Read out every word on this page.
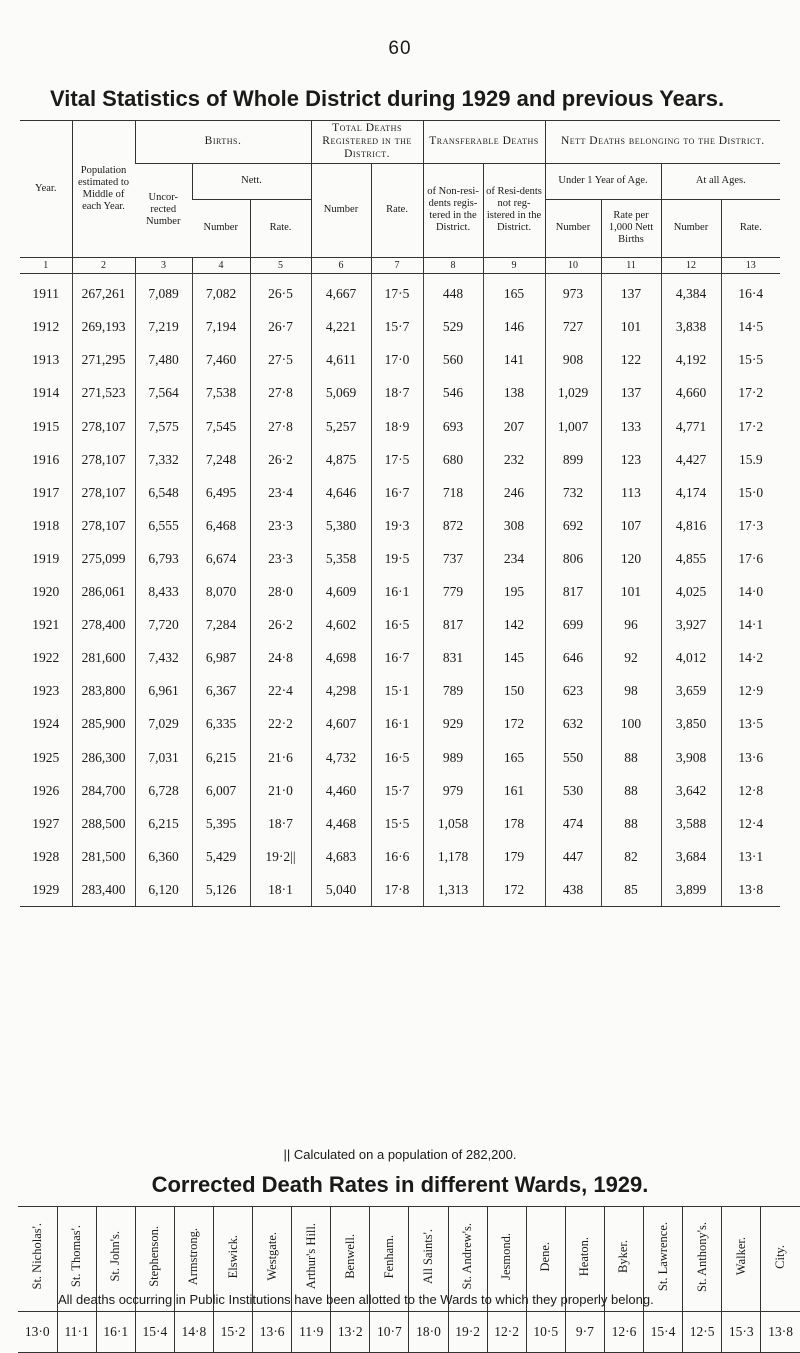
60
Vital Statistics of Whole District during 1929 and previous Years.
Year.	Population estimated to Middle of each Year.	Births.			Total Deaths Registered in the District.		Transferable Deaths		Nett Deaths belonging to the District.			
		Uncor-rected Number	Nett.		Number	Rate.	of Non-resi-dents regis-tered in the District.	of Resi-dents not reg-istered in the District.	Under 1 Year of Age.		At all Ages.	
			Number	Rate.					Number	Rate per 1,000 Nett Births	Number	Rate.
1	2	3	4	5	6	7	8	9	10	11	12	13
1911	267,261	7,089	7,082	26·5	4,667	17·5	448	165	973	137	4,384	16·4
1912	269,193	7,219	7,194	26·7	4,221	15·7	529	146	727	101	3,838	14·5
1913	271,295	7,480	7,460	27·5	4,611	17·0	560	141	908	122	4,192	15·5
1914	271,523	7,564	7,538	27·8	5,069	18·7	546	138	1,029	137	4,660	17·2
1915	278,107	7,575	7,545	27·8	5,257	18·9	693	207	1,007	133	4,771	17·2
1916	278,107	7,332	7,248	26·2	4,875	17·5	680	232	899	123	4,427	15.9
1917	278,107	6,548	6,495	23·4	4,646	16·7	718	246	732	113	4,174	15·0
1918	278,107	6,555	6,468	23·3	5,380	19·3	872	308	692	107	4,816	17·3
1919	275,099	6,793	6,674	23·3	5,358	19·5	737	234	806	120	4,855	17·6
1920	286,061	8,433	8,070	28·0	4,609	16·1	779	195	817	101	4,025	14·0
1921	278,400	7,720	7,284	26·2	4,602	16·5	817	142	699	96	3,927	14·1
1922	281,600	7,432	6,987	24·8	4,698	16·7	831	145	646	92	4,012	14·2
1923	283,800	6,961	6,367	22·4	4,298	15·1	789	150	623	98	3,659	12·9
1924	285,900	7,029	6,335	22·2	4,607	16·1	929	172	632	100	3,850	13·5
1925	286,300	7,031	6,215	21·6	4,732	16·5	989	165	550	88	3,908	13·6
1926	284,700	6,728	6,007	21·0	4,460	15·7	979	161	530	88	3,642	12·8
1927	288,500	6,215	5,395	18·7	4,468	15·5	1,058	178	474	88	3,588	12·4
1928	281,500	6,360	5,429	19·2||	4,683	16·6	1,178	179	447	82	3,684	13·1
1929	283,400	6,120	5,126	18·1	5,040	17·8	1,313	172	438	85	3,899	13·8
|| Calculated on a population of 282,200.
Corrected Death Rates in different Wards, 1929.
St. Nicholas'.	St. Thomas'.	St. John's.	Stephenson.	Armstrong.	Elswick.	Westgate.	Arthur's Hill.	Benwell.	Fenham.	All Saints'.	St. Andrew's.	Jesmond.	Dene.	Heaton.	Byker.	St. Lawrence.	St. Anthony's.	Walker.	City.
13·0	11·1	16·1	15·4	14·8	15·2	13·6	11·9	13·2	10·7	18·0	19·2	12·2	10·5	9·7	12·6	15·4	12·5	15·3	13·8
All deaths occurring in Public Institutions have been allotted to the Wards to which they properly belong.
